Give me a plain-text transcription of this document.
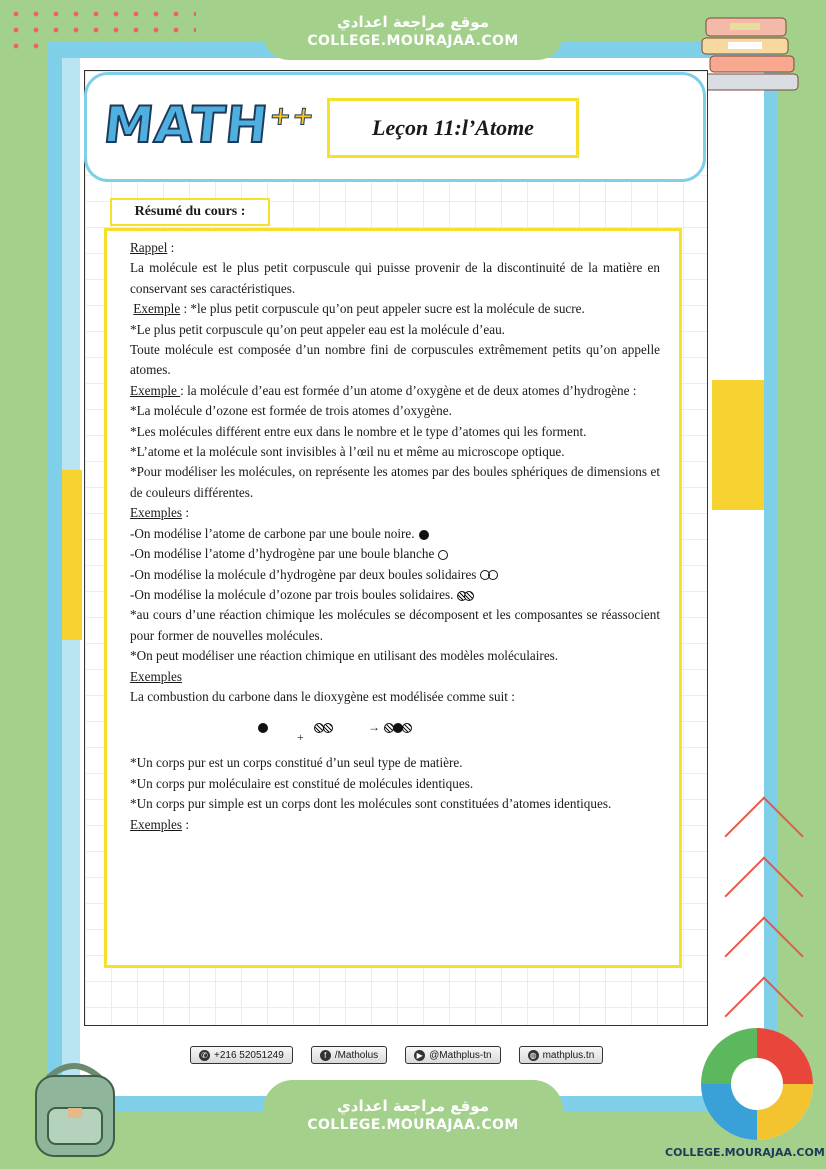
موقع مراجعة اعدادي
COLLEGE.MOURAJAA.COM
MATH++	Leçon 11:l’Atome
Résumé du cours :

Rappel :

La molécule est le plus petit corpuscule qui puisse provenir de la discontinuité de la matière en conservant ses caractéristiques.

Exemple : *le plus petit corpuscule qu’on peut appeler sucre est la molécule de sucre.

*Le plus petit corpuscule qu’on peut appeler eau est la molécule d’eau.

Toute molécule est composée d’un nombre fini de corpuscules extrêmement petits qu’on appelle atomes.

Exemple : la molécule d’eau est formée d’un atome d’oxygène et de deux atomes d’hydrogène :

*La molécule d’ozone est formée de trois atomes d’oxygène.

*Les molécules différent entre eux dans le nombre et le type d’atomes qui les forment.

*L’atome et la molécule sont invisibles à l’œil nu et même au microscope optique.

*Pour modéliser les molécules, on représente les atomes par des boules sphériques de dimensions et de couleurs différentes.

Exemples :

-On modélise l’atome de carbone par une boule noire.

-On modélise l’atome d’hydrogène par une boule blanche

-On modélise la molécule d’hydrogène par deux boules solidaires

-On modélise la molécule d’ozone par trois boules solidaires.

*au cours d’une réaction chimique les molécules se décomposent et les composantes se réassocient pour former de nouvelles molécules.

*On peut modéliser une réaction chimique en utilisant des modèles moléculaires.

Exemples

La combustion du carbone dans le dioxygène est modélisée comme suit :

+
→

*Un corps pur est un corps constitué d’un seul type de matière.

*Un corps pur moléculaire est constitué de molécules identiques.

*Un corps pur simple est un corps dont les molécules sont constituées d’atomes identiques.

Exemples :

✆ +216 52051249	f /Matholus	▶ @Mathplus-tn	◍ mathplus.tn
موقع مراجعة اعدادي
COLLEGE.MOURAJAA.COM
COLLEGE.MOURAJAA.COM
